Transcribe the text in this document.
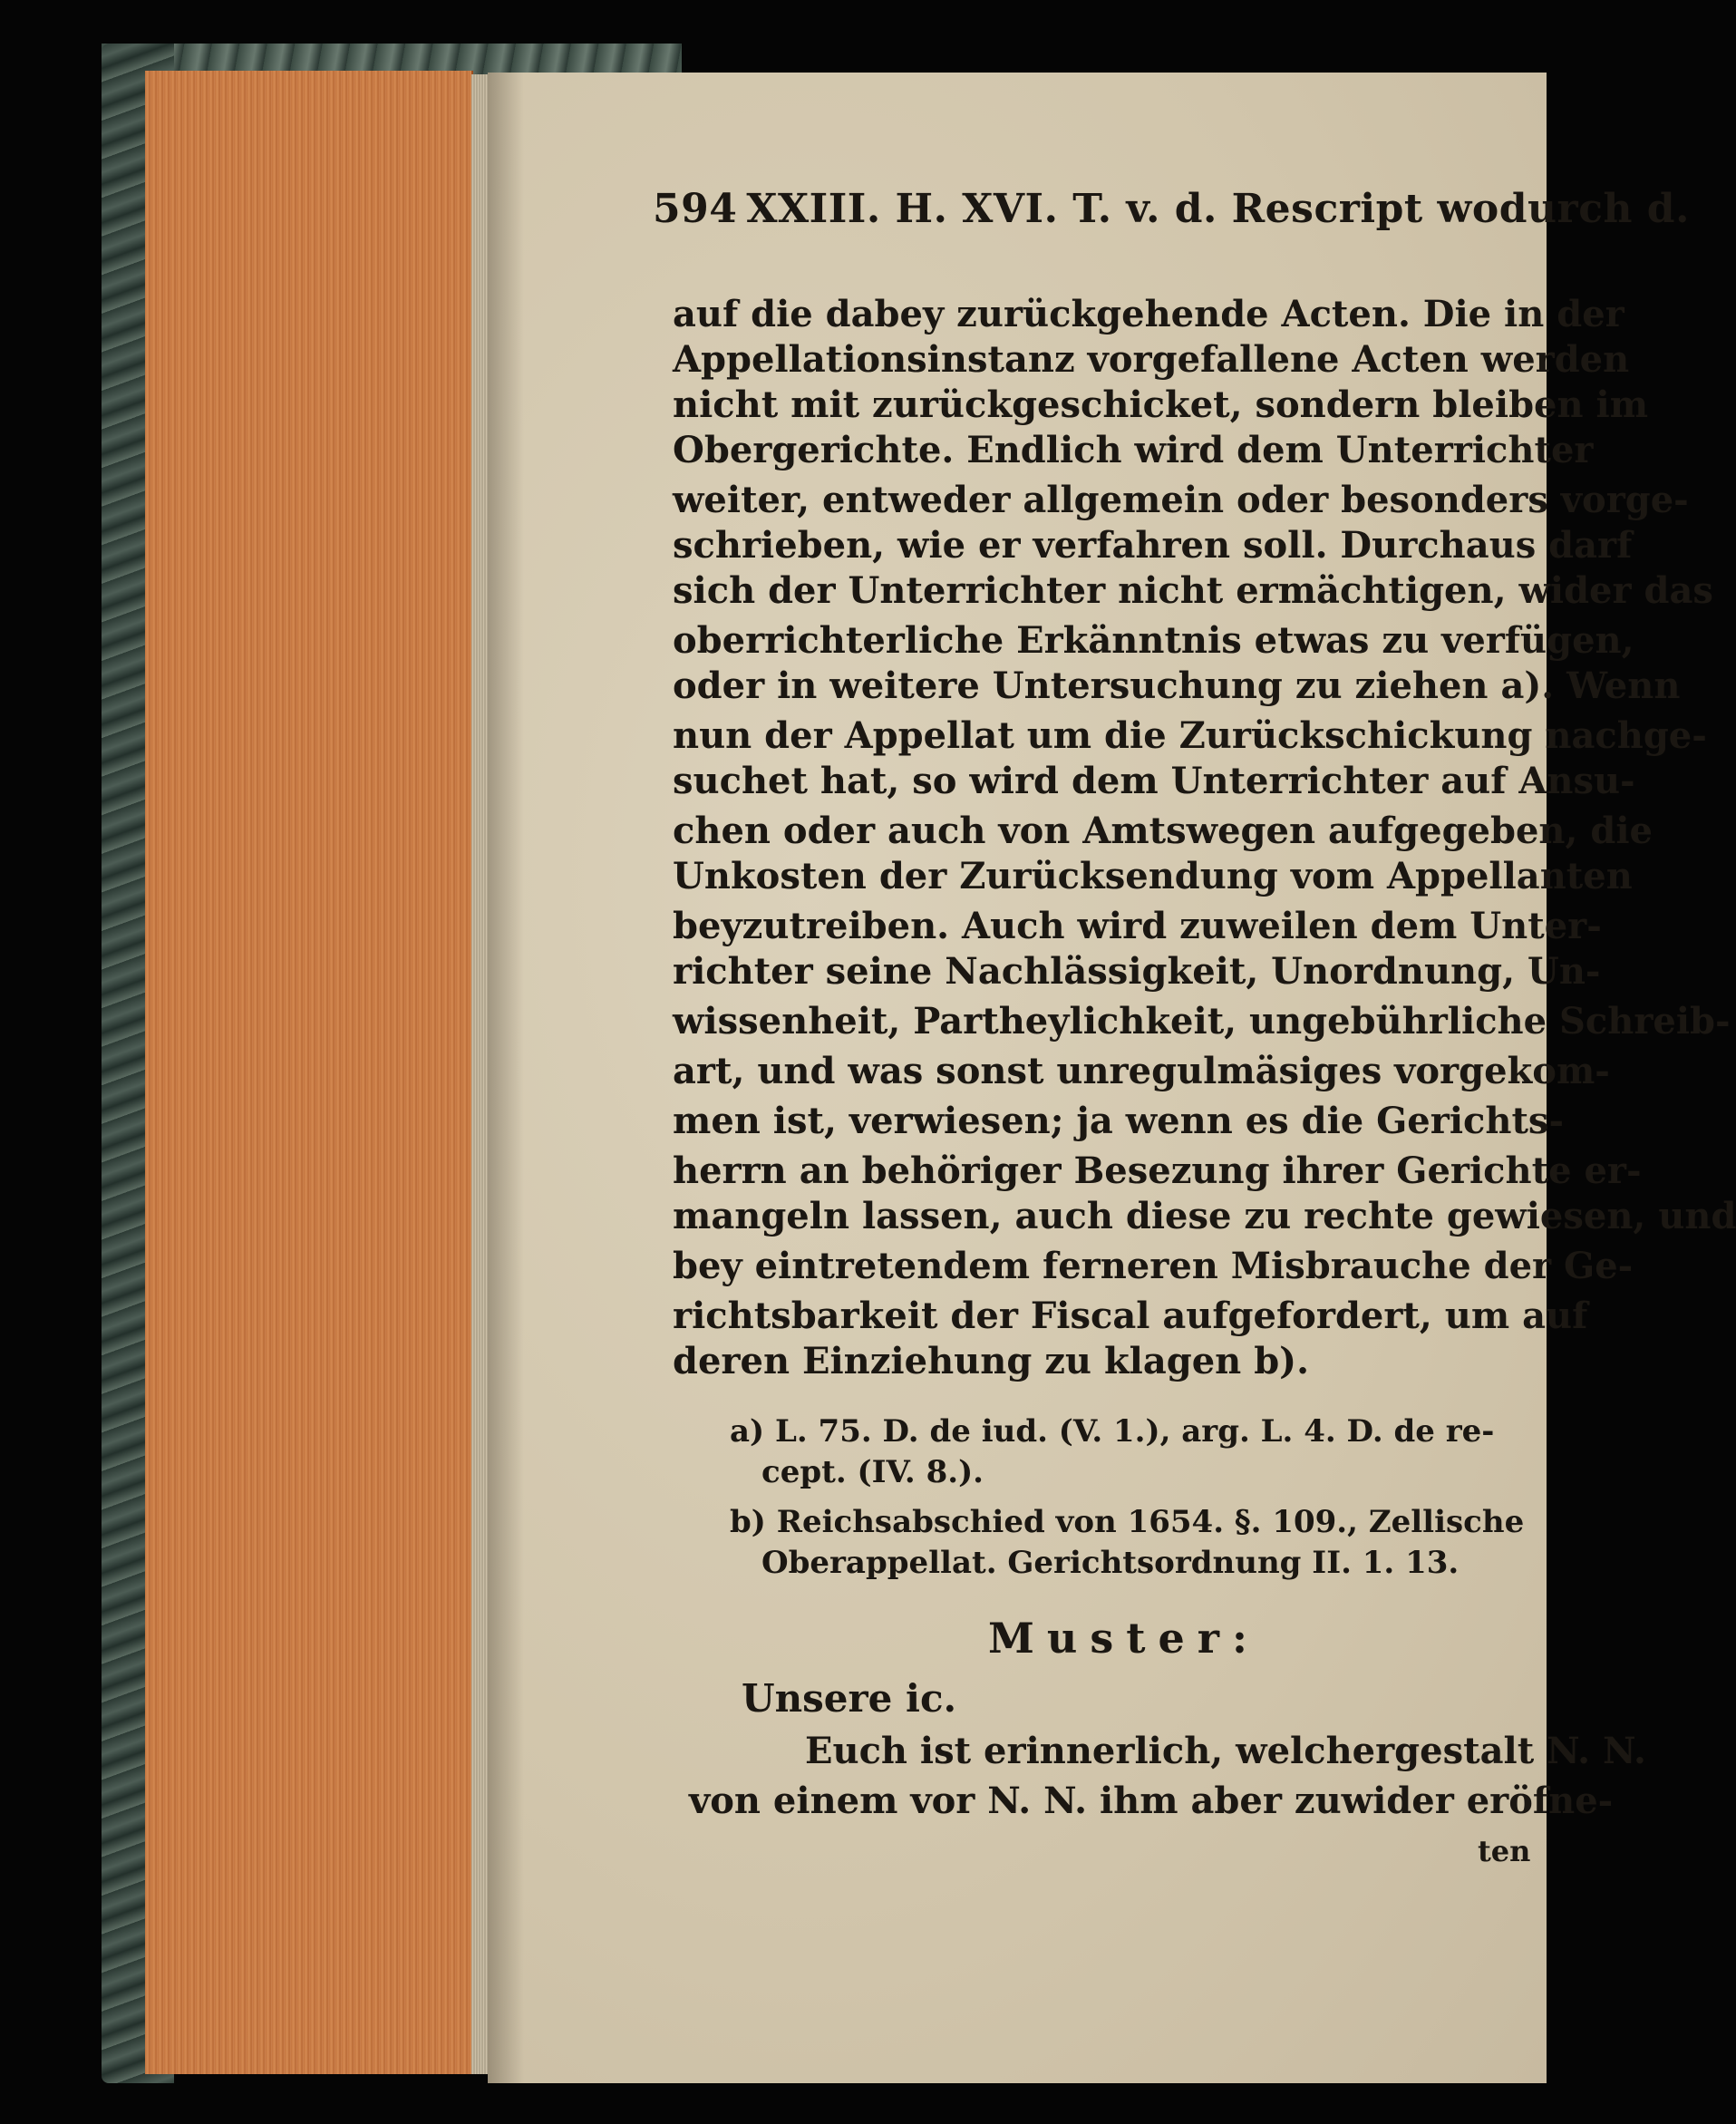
594 XXIII. H. XVI. T. v. d. Rescript wodurch d.
auf die dabey zurückgehende Acten. Die in der
Appellationsinstanz vorgefallene Acten werden
nicht mit zurückgeschicket, sondern bleiben im
Obergerichte. Endlich wird dem Unterrichter
weiter, entweder allgemein oder besonders vorge-
schrieben, wie er verfahren soll. Durchaus darf
sich der Unterrichter nicht ermächtigen, wider das
oberrichterliche Erkänntnis etwas zu verfügen,
oder in weitere Untersuchung zu ziehen a). Wenn
nun der Appellat um die Zurückschickung nachge-
suchet hat, so wird dem Unterrichter auf Ansu-
chen oder auch von Amtswegen aufgegeben, die
Unkosten der Zurücksendung vom Appellanten
beyzutreiben. Auch wird zuweilen dem Unter-
richter seine Nachlässigkeit, Unordnung, Un-
wissenheit, Partheylichkeit, ungebührliche Schreib-
art, und was sonst unregulmäsiges vorgekom-
men ist, verwiesen; ja wenn es die Gerichts-
herrn an behöriger Besezung ihrer Gerichte er-
mangeln lassen, auch diese zu rechte gewiesen, und
bey eintretendem ferneren Misbrauche der Ge-
richtsbarkeit der Fiscal aufgefordert, um auf
deren Einziehung zu klagen b).
a) L. 75. D. de iud. (V. 1.), arg. L. 4. D. de re-
cept. (IV. 8.).
b) Reichsabschied von 1654. §. 109., Zellische
Oberappellat. Gerichtsordnung II. 1. 13.
Muster:
Unsere ic.
Euch ist erinnerlich, welchergestalt N. N.
von einem vor N. N. ihm aber zuwider eröfne-
ten
